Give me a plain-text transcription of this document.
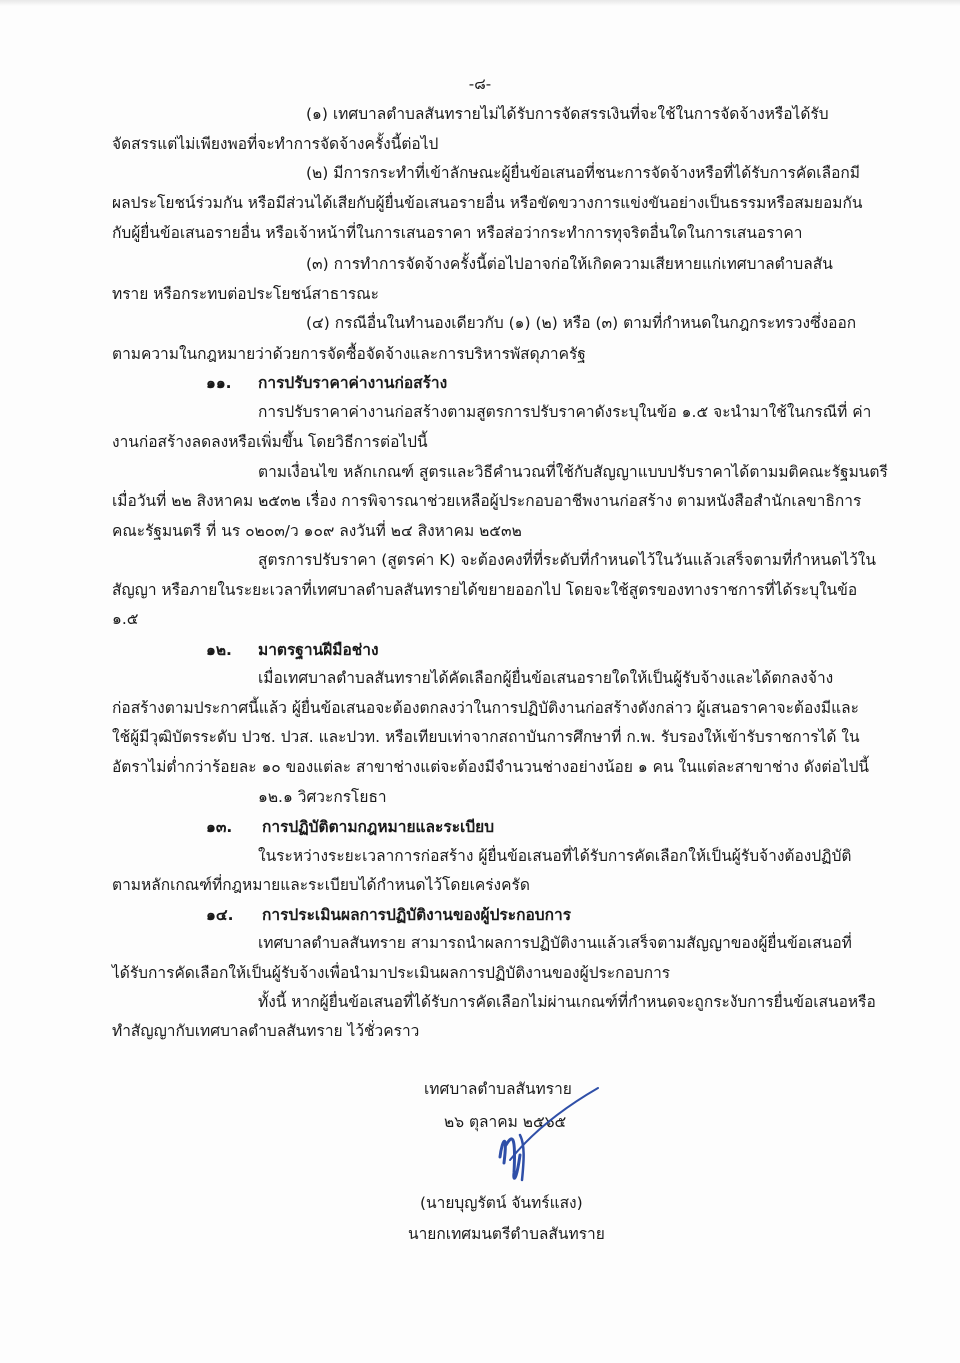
-๘-
(๑) เทศบาลตำบลสันทรายไม่ได้รับการจัดสรรเงินที่จะใช้ในการจัดจ้างหรือได้รับ
จัดสรรแต่ไม่เพียงพอที่จะทำการจัดจ้างครั้งนี้ต่อไป
(๒) มีการกระทำที่เข้าลักษณะผู้ยื่นข้อเสนอที่ชนะการจัดจ้างหรือที่ได้รับการคัดเลือกมี
ผลประโยชน์ร่วมกัน หรือมีส่วนได้เสียกับผู้ยื่นข้อเสนอรายอื่น หรือขัดขวางการแข่งขันอย่างเป็นธรรมหรือสมยอมกัน
กับผู้ยื่นข้อเสนอรายอื่น หรือเจ้าหน้าที่ในการเสนอราคา หรือส่อว่ากระทำการทุจริตอื่นใดในการเสนอราคา
(๓) การทำการจัดจ้างครั้งนี้ต่อไปอาจก่อให้เกิดความเสียหายแก่เทศบาลตำบลสัน
ทราย หรือกระทบต่อประโยชน์สาธารณะ
(๔) กรณีอื่นในทำนองเดียวกับ (๑) (๒) หรือ (๓) ตามที่กำหนดในกฎกระทรวงซึ่งออก
ตามความในกฎหมายว่าด้วยการจัดซื้อจัดจ้างและการบริหารพัสดุภาครัฐ
๑๑. การปรับราคาค่างานก่อสร้าง
การปรับราคาค่างานก่อสร้างตามสูตรการปรับราคาดังระบุในข้อ ๑.๕ จะนำมาใช้ในกรณีที่ ค่า
งานก่อสร้างลดลงหรือเพิ่มขึ้น โดยวิธีการต่อไปนี้
ตามเงื่อนไข หลักเกณฑ์ สูตรและวิธีคำนวณที่ใช้กับสัญญาแบบปรับราคาได้ตามมติคณะรัฐมนตรี
เมื่อวันที่ ๒๒ สิงหาคม ๒๕๓๒ เรื่อง การพิจารณาช่วยเหลือผู้ประกอบอาชีพงานก่อสร้าง ตามหนังสือสำนักเลขาธิการ
คณะรัฐมนตรี ที่ นร ๐๒๐๓/ว ๑๐๙ ลงวันที่ ๒๔ สิงหาคม ๒๕๓๒
สูตรการปรับราคา (สูตรค่า K) จะต้องคงที่ที่ระดับที่กำหนดไว้ในวันแล้วเสร็จตามที่กำหนดไว้ใน
สัญญา หรือภายในระยะเวลาที่เทศบาลตำบลสันทรายได้ขยายออกไป โดยจะใช้สูตรของทางราชการที่ได้ระบุในข้อ
๑.๕
๑๒. มาตรฐานฝีมือช่าง
เมื่อเทศบาลตำบลสันทรายได้คัดเลือกผู้ยื่นข้อเสนอรายใดให้เป็นผู้รับจ้างและได้ตกลงจ้าง
ก่อสร้างตามประกาศนี้แล้ว ผู้ยื่นข้อเสนอจะต้องตกลงว่าในการปฏิบัติงานก่อสร้างดังกล่าว ผู้เสนอราคาจะต้องมีและ
ใช้ผู้มีวุฒิบัตรระดับ ปวช. ปวส. และปวท. หรือเทียบเท่าจากสถาบันการศึกษาที่ ก.พ. รับรองให้เข้ารับราชการได้ ใน
อัตราไม่ต่ำกว่าร้อยละ ๑๐ ของแต่ละ สาขาช่างแต่จะต้องมีจำนวนช่างอย่างน้อย ๑ คน ในแต่ละสาขาช่าง ดังต่อไปนี้
๑๒.๑ วิศวะกรโยธา
๑๓. การปฏิบัติตามกฎหมายและระเบียบ
ในระหว่างระยะเวลาการก่อสร้าง ผู้ยื่นข้อเสนอที่ได้รับการคัดเลือกให้เป็นผู้รับจ้างต้องปฏิบัติ
ตามหลักเกณฑ์ที่กฎหมายและระเบียบได้กำหนดไว้โดยเคร่งครัด
๑๔. การประเมินผลการปฏิบัติงานของผู้ประกอบการ
เทศบาลตำบลสันทราย สามารถนำผลการปฏิบัติงานแล้วเสร็จตามสัญญาของผู้ยื่นข้อเสนอที่
ได้รับการคัดเลือกให้เป็นผู้รับจ้างเพื่อนำมาประเมินผลการปฏิบัติงานของผู้ประกอบการ
ทั้งนี้ หากผู้ยื่นข้อเสนอที่ได้รับการคัดเลือกไม่ผ่านเกณฑ์ที่กำหนดจะถูกระงับการยื่นข้อเสนอหรือ
ทำสัญญากับเทศบาลตำบลสันทราย ไว้ชั่วคราว
เทศบาลตำบลสันทราย
๒๖ ตุลาคม ๒๕๖๕
(นายบุญรัตน์ จันทร์แสง)
นายกเทศมนตรีตำบลสันทราย
